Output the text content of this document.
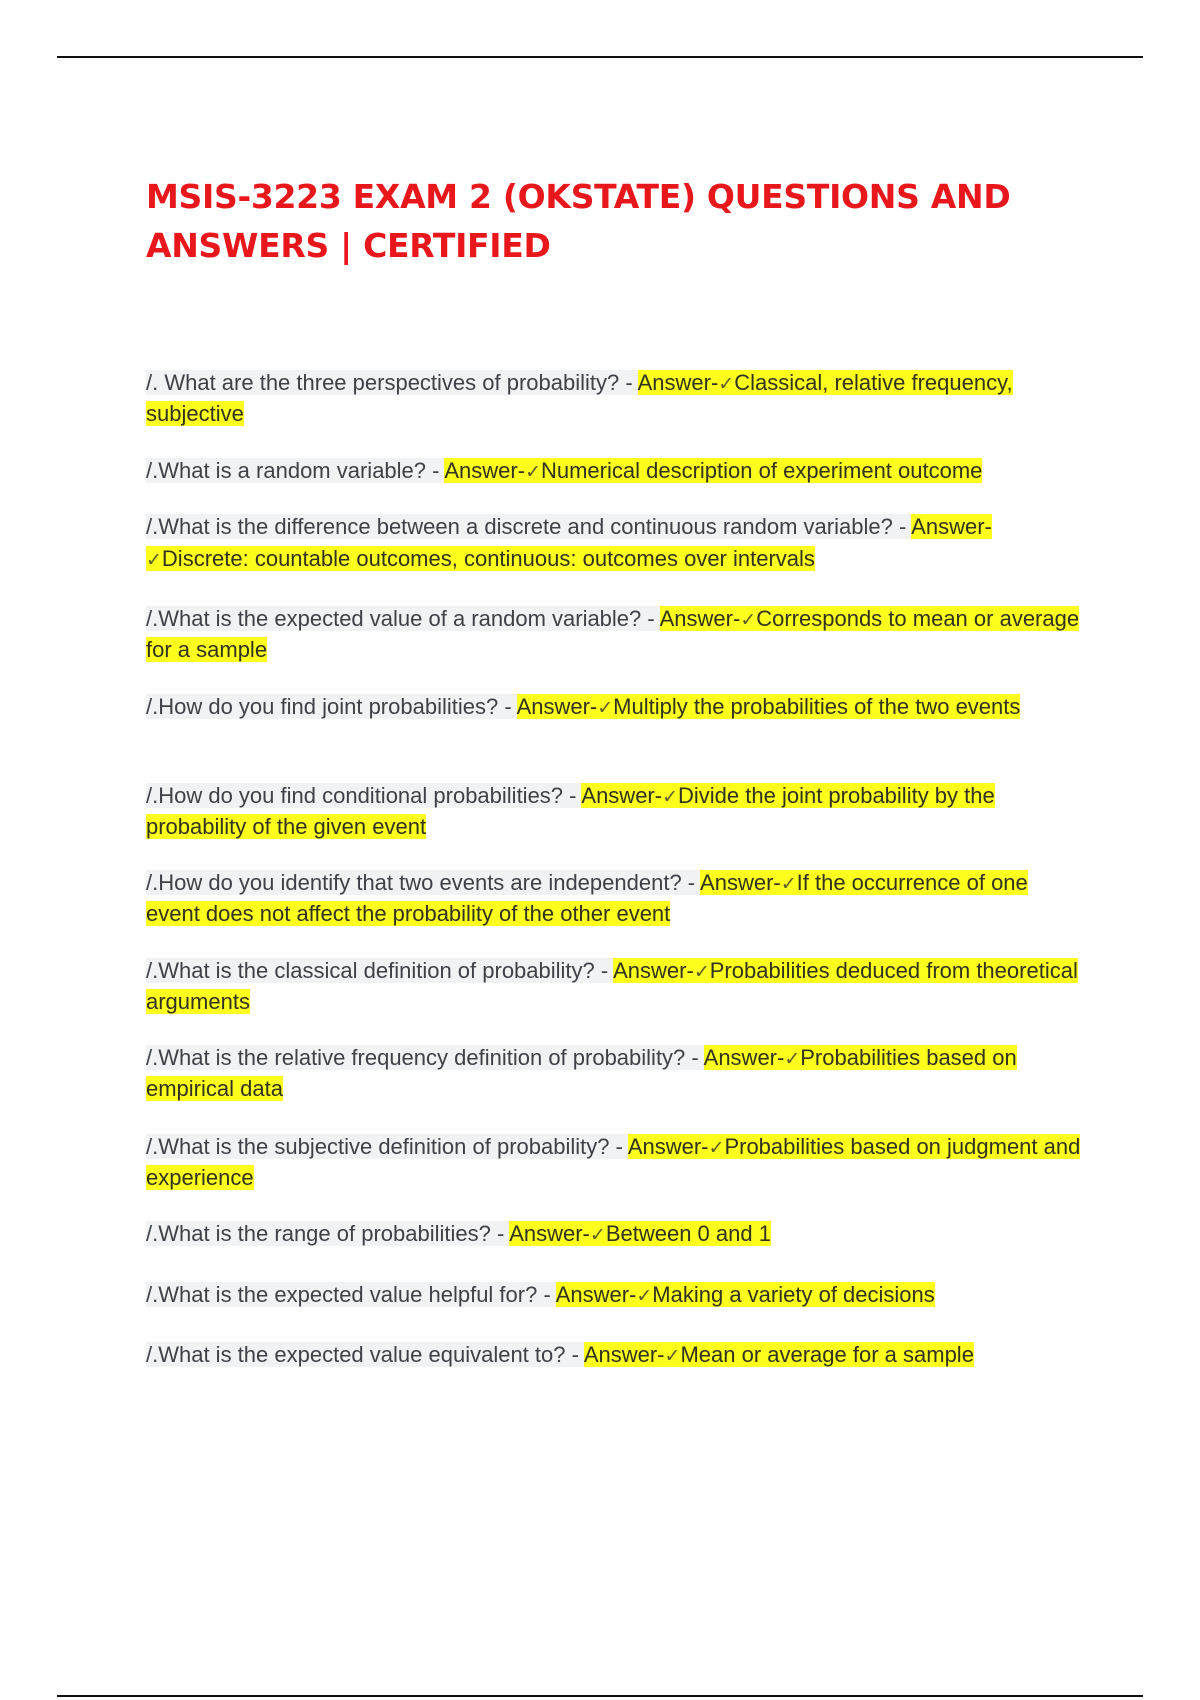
MSIS-3223 EXAM 2 (OKSTATE) QUESTIONS AND ANSWERS | CERTIFIED
/. What are the three perspectives of probability? - Answer-✓Classical, relative frequency, subjective
/.What is a random variable? - Answer-✓Numerical description of experiment outcome
/.What is the difference between a discrete and continuous random variable? - Answer-✓Discrete: countable outcomes, continuous: outcomes over intervals
/.What is the expected value of a random variable? - Answer-✓Corresponds to mean or average for a sample
/.How do you find joint probabilities? - Answer-✓Multiply the probabilities of the two events
/.How do you find conditional probabilities? - Answer-✓Divide the joint probability by the probability of the given event
/.How do you identify that two events are independent? - Answer-✓If the occurrence of one event does not affect the probability of the other event
/.What is the classical definition of probability? - Answer-✓Probabilities deduced from theoretical arguments
/.What is the relative frequency definition of probability? - Answer-✓Probabilities based on empirical data
/.What is the subjective definition of probability? - Answer-✓Probabilities based on judgment and experience
/.What is the range of probabilities? - Answer-✓Between 0 and 1
/.What is the expected value helpful for? - Answer-✓Making a variety of decisions
/.What is the expected value equivalent to? - Answer-✓Mean or average for a sample
